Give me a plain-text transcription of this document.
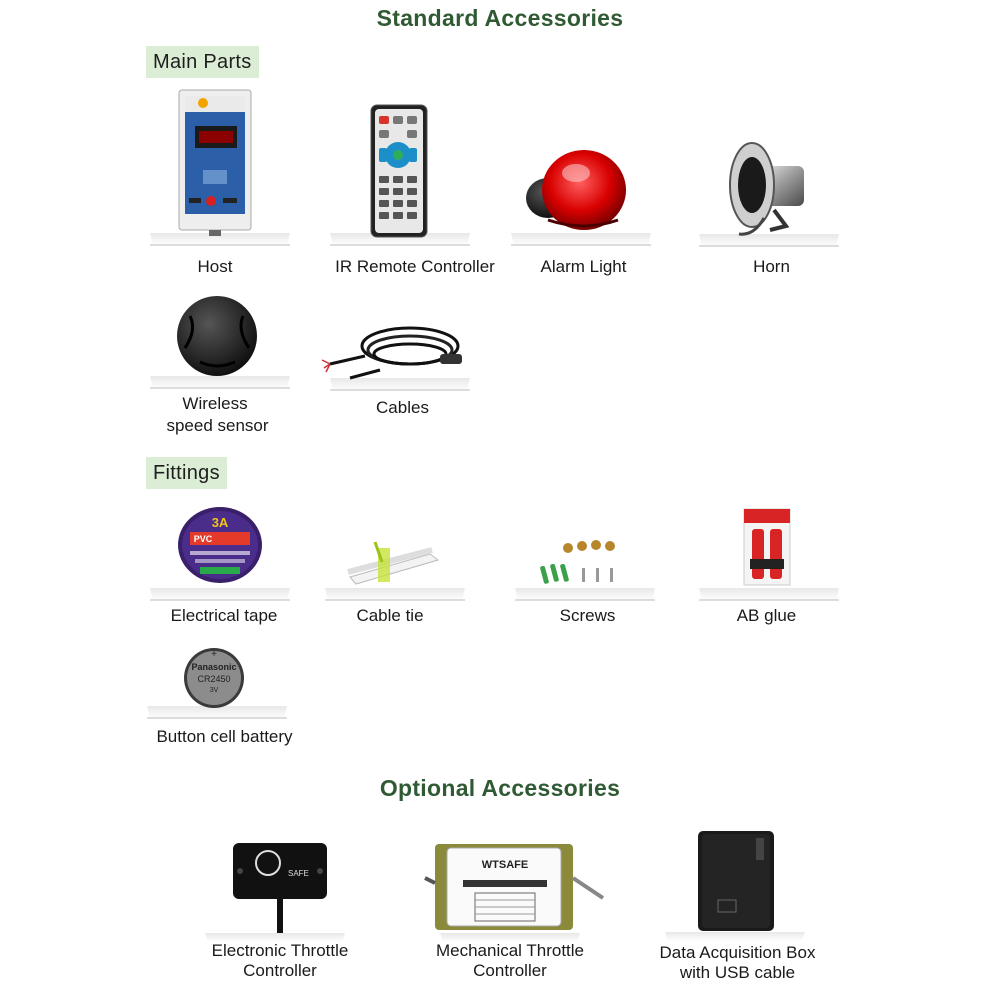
Standard Accessories
Main Parts
Host	IR Remote Controller	Alarm Light	Horn
Wireless
speed sensor
Cables
Fittings
3A
PVC
Electrical tape	Cable tie	Screws	AB glue
Panasonic
CR2450
3V
+
Button cell battery
Optional Accessories
SAFE
Electronic Throttle
Controller
WTSAFE
Mechanical Throttle
Controller
Data Acquisition Box
with USB cable
